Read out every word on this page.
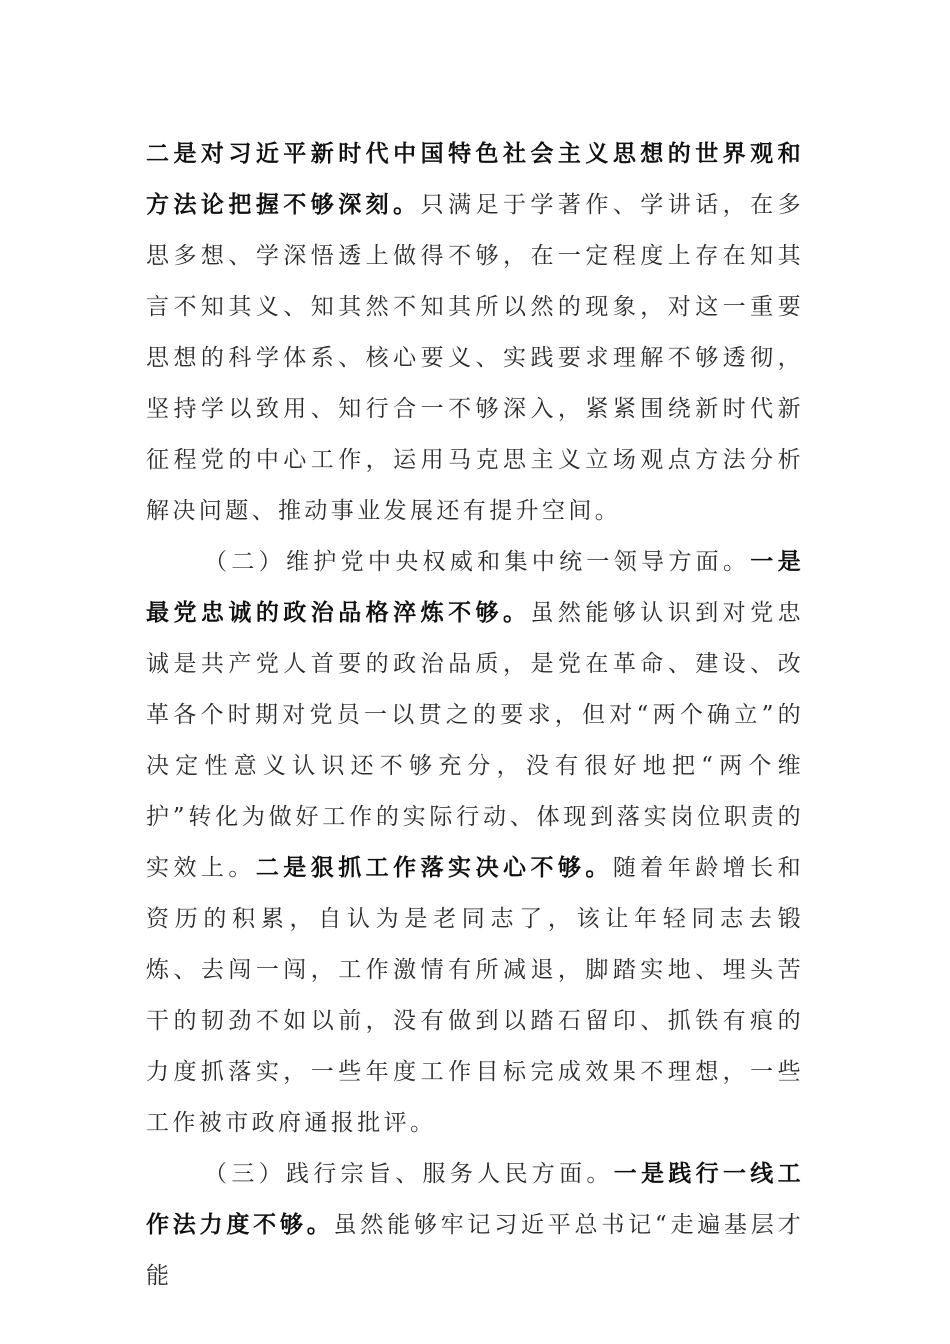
二是对习近平新时代中国特色社会主义思想的世界观和方法论把握不够深刻。只满足于学著作、学讲话，在多思多想、学深悟透上做得不够，在一定程度上存在知其言不知其义、知其然不知其所以然的现象，对这一重要思想的科学体系、核心要义、实践要求理解不够透彻，坚持学以致用、知行合一不够深入，紧紧围绕新时代新征程党的中心工作，运用马克思主义立场观点方法分析解决问题、推动事业发展还有提升空间。

（二）维护党中央权威和集中统一领导方面。一是最党忠诚的政治品格淬炼不够。虽然能够认识到对党忠诚是共产党人首要的政治品质，是党在革命、建设、改革各个时期对党员一以贯之的要求，但对“两个确立”的决定性意义认识还不够充分，没有很好地把“两个维护”转化为做好工作的实际行动、体现到落实岗位职责的实效上。二是狠抓工作落实决心不够。随着年龄增长和资历的积累，自认为是老同志了，该让年轻同志去锻炼、去闯一闯，工作激情有所减退，脚踏实地、埋头苦干的韧劲不如以前，没有做到以踏石留印、抓铁有痕的力度抓落实，一些年度工作目标完成效果不理想，一些工作被市政府通报批评。

（三）践行宗旨、服务人民方面。一是践行一线工作法力度不够。虽然能够牢记习近平总书记“走遍基层才能
